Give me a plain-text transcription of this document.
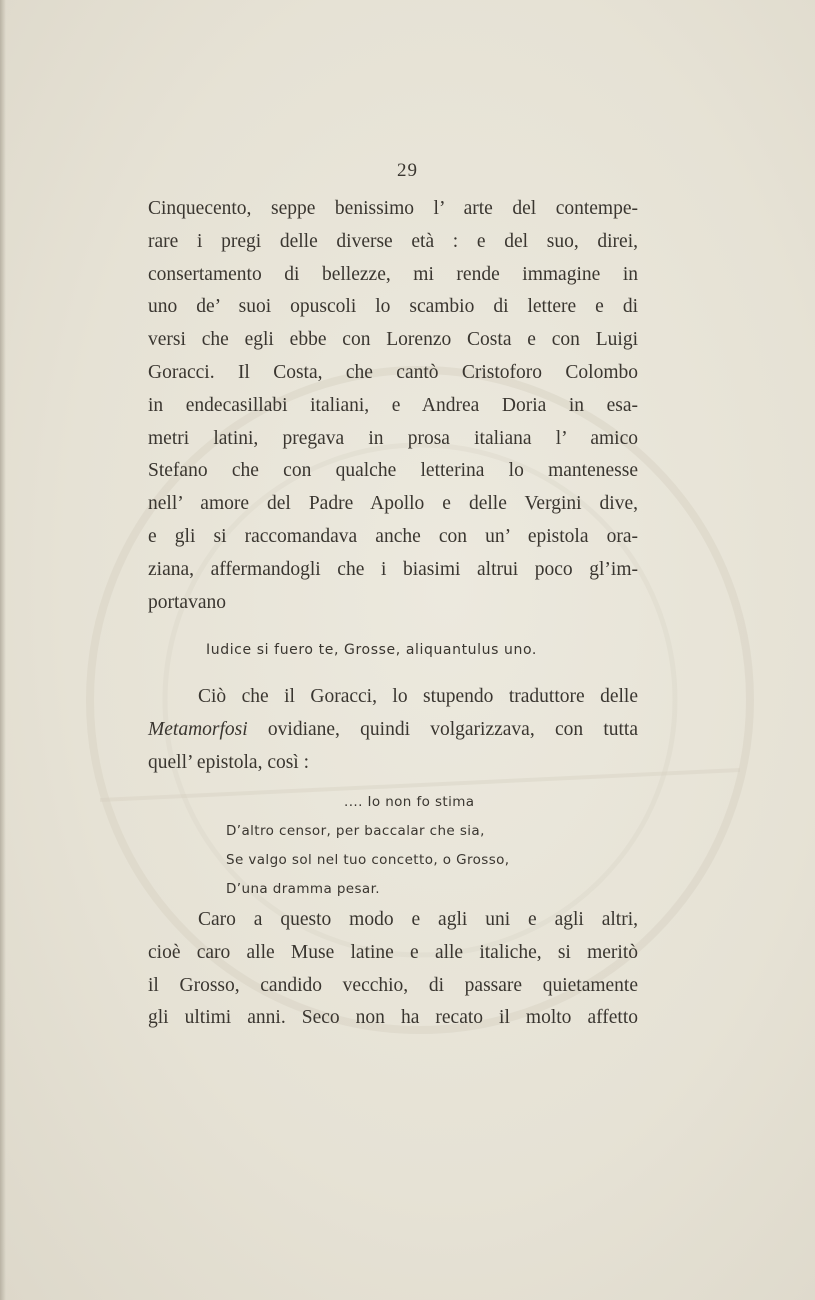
29

Cinquecento, seppe benissimo l’ arte del contempe-
rare i pregi delle diverse età : e del suo, direi,
consertamento di bellezze, mi rende immagine in
uno de’ suoi opuscoli lo scambio di lettere e di
versi che egli ebbe con Lorenzo Costa e con Luigi
Goracci. Il Costa, che cantò Cristoforo Colombo
in endecasillabi italiani, e Andrea Doria in esa-
metri latini, pregava in prosa italiana l’ amico
Stefano che con qualche letterina lo mantenesse
nell’ amore del Padre Apollo e delle Vergini dive,
e gli si raccomandava anche con un’ epistola ora-
ziana, affermandogli che i biasimi altrui poco gl’im-
portavano

Iudice si fuero te, Grosse, aliquantulus uno.

Ciò che il Goracci, lo stupendo traduttore delle
Metamorfosi ovidiane, quindi volgarizzava, con tutta
quell’ epistola, così :

.... Io non fo stima
D’altro censor, per baccalar che sia,
Se valgo sol nel tuo concetto, o Grosso,
D’una dramma pesar.

Caro a questo modo e agli uni e agli altri,
cioè caro alle Muse latine e alle italiche, si meritò
il Grosso, candido vecchio, di passare quietamente
gli ultimi anni. Seco non ha recato il molto affetto
